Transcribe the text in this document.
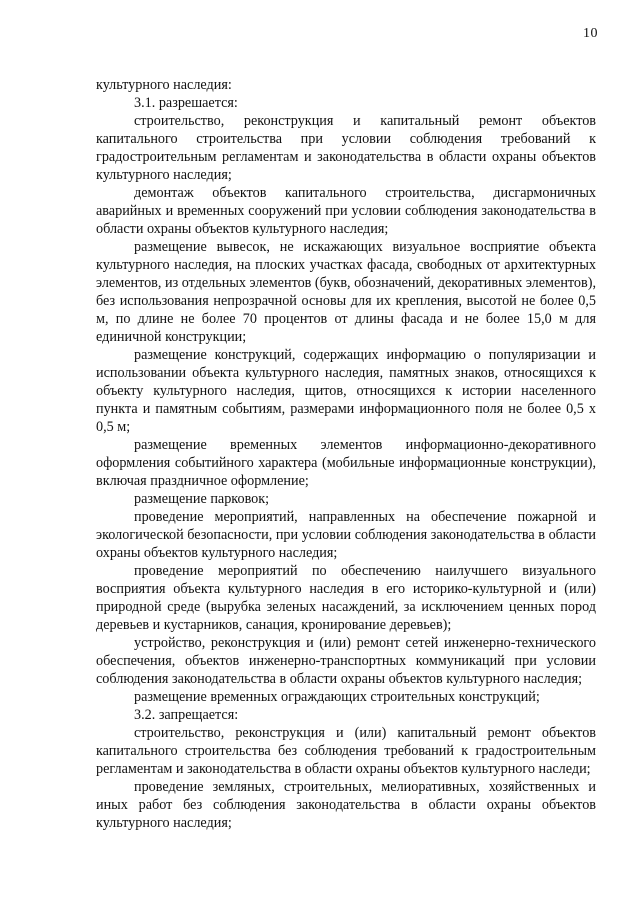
10

культурного наследия:

3.1. разрешается:

строительство, реконструкция и капитальный ремонт объектов капитального строительства при условии соблюдения требований к градостроительным регламентам и законодательства в области охраны объектов культурного наследия;

демонтаж объектов капитального строительства, дисгармоничных аварийных и временных сооружений при условии соблюдения законодательства в области охраны объектов культурного наследия;

размещение вывесок, не искажающих визуальное восприятие объекта культурного наследия, на плоских участках фасада, свободных от архитектурных элементов, из отдельных элементов (букв, обозначений, декоративных элементов), без использования непрозрачной основы для их крепления, высотой не более 0,5 м, по длине не более 70 процентов от длины фасада и не более 15,0 м для единичной конструкции;

размещение конструкций, содержащих информацию о популяризации и использовании объекта культурного наследия, памятных знаков, относящихся к объекту культурного наследия, щитов, относящихся к истории населенного пункта и памятным событиям, размерами информационного поля не более 0,5 х 0,5 м;

размещение временных элементов информационно-декоративного оформления событийного характера (мобильные информационные конструкции), включая праздничное оформление;

размещение парковок;

проведение мероприятий, направленных на обеспечение пожарной и экологической безопасности, при условии соблюдения законодательства в области охраны объектов культурного наследия;

проведение мероприятий по обеспечению наилучшего визуального восприятия объекта культурного наследия в его историко-культурной и (или) природной среде (вырубка зеленых насаждений, за исключением ценных пород деревьев и кустарников, санация, кронирование деревьев);

устройство, реконструкция и (или) ремонт сетей инженерно-технического обеспечения, объектов инженерно-транспортных коммуникаций при условии соблюдения законодательства в области охраны объектов культурного наследия;

размещение временных ограждающих строительных конструкций;

3.2. запрещается:

строительство, реконструкция и (или) капитальный ремонт объектов капитального строительства без соблюдения требований к градостроительным регламентам и законодательства в области охраны объектов культурного наследи;

проведение земляных, строительных, мелиоративных, хозяйственных и иных работ без соблюдения законодательства в области охраны объектов культурного наследия;
